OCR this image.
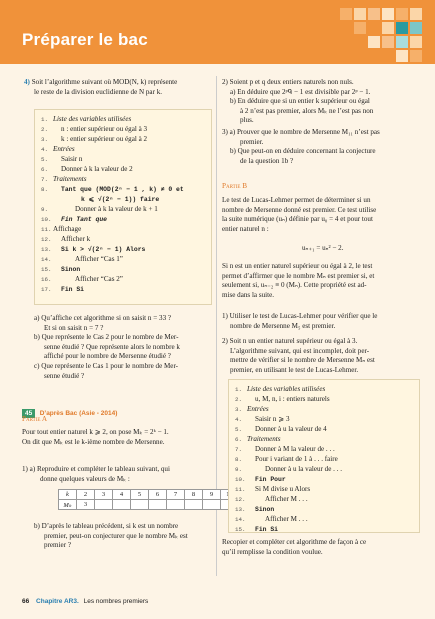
Préparer le bac
4) Soit l’algorithme suivant où MOD(N, k) représente
le reste de la division euclidienne de N par k.
1. Liste des variables utilisées
2. n : entier supérieur ou égal à 3
3. k : entier supérieur ou égal à 2
4. Entrées
5. Saisir n
6. Donner à k la valeur de 2
7. Traitements
8. Tant que (MOD(2ⁿ − 1 , k) ≠ 0 et
k ⩽ √(2ⁿ − 1)) faire
9.	Donner à k la valeur de k + 1
10. Fin Tant que
11. Affichage
12. Afficher k
13. Si k > √(2ⁿ − 1) Alors
14.	Afficher “Cas 1”
15. Sinon
16.	Afficher “Cas 2”
17. Fin Si
a) Qu’affiche cet algorithme si on saisit n = 33 ?
Et si on saisit n = 7 ?
b) Que représente le Cas 2 pour le nombre de Mer-
senne étudié ? Que représente alors le nombre k
affiché pour le nombre de Mersenne étudié ?
c) Que représente le Cas 1 pour le nombre de Mer-
senne étudié ?
45 D’après Bac (Asie - 2014)
Partie A
Pour tout entier naturel k ⩾ 2, on pose Mₖ = 2ᵏ − 1.
On dit que Mₖ est le k-ième nombre de Mersenne.
1) a) Reproduire et compléter le tableau suivant, qui
donne quelques valeurs de Mₖ :
k	2	3	4	5	6	7	8	9	
Mₖ	3								
b) D’après le tableau précédent, si k est un nombre
premier, peut-on conjecturer que le nombre Mₖ est
premier ?
2) Soient p et q deux entiers naturels non nuls.
a) En déduire que 2ᵖᑫ − 1 est divisible par 2ᵖ − 1.
b) En déduire que si un entier k supérieur ou égal
à 2 n’est pas premier, alors Mₖ ne l’est pas non
plus.
3) a) Prouver que le nombre de Mersenne M₁₁ n’est pas
premier.
b) Que peut-on en déduire concernant la conjecture
de la question 1b ?
Partie B
Le test de Lucas-Lehmer permet de déterminer si un
nombre de Mersenne donné est premier. Ce test utilise
la suite numérique (uₙ) définie par u₀ = 4 et pour tout
entier naturel n :
uₙ₊₁ = uₙ² − 2.
Si n est un entier naturel supérieur ou égal à 2, le test
permet d’affirmer que le nombre Mₙ est premier si, et
seulement si, uₙ₋₂ ≡ 0 (Mₙ). Cette propriété est ad-
mise dans la suite.
1) Utiliser le test de Lucas-Lehmer pour vérifier que le
nombre de Mersenne M₅ est premier.
2) Soit n un entier naturel supérieur ou égal à 3.
L’algorithme suivant, qui est incomplet, doit per-
mettre de vérifier si le nombre de Mersenne Mₙ est
premier, en utilisant le test de Lucas-Lehmer.
1. Liste des variables utilisées
2. u, M, n, i : entiers naturels
3. Entrées
4. Saisir n ⩾ 3
5. Donner à u la valeur de 4
6. Traitements
7. Donner à M la valeur de . . .
8. Pour i variant de 1 à . . . faire
9.	Donner à u la valeur de . . .
10. Fin Pour
11. Si M divise u Alors
12.	Afficher M . . .
13. Sinon
14.	Afficher M . . .
15. Fin Si
Recopier et compléter cet algorithme de façon à ce
qu’il remplisse la condition voulue.
66 Chapitre AR3. Les nombres premiers
